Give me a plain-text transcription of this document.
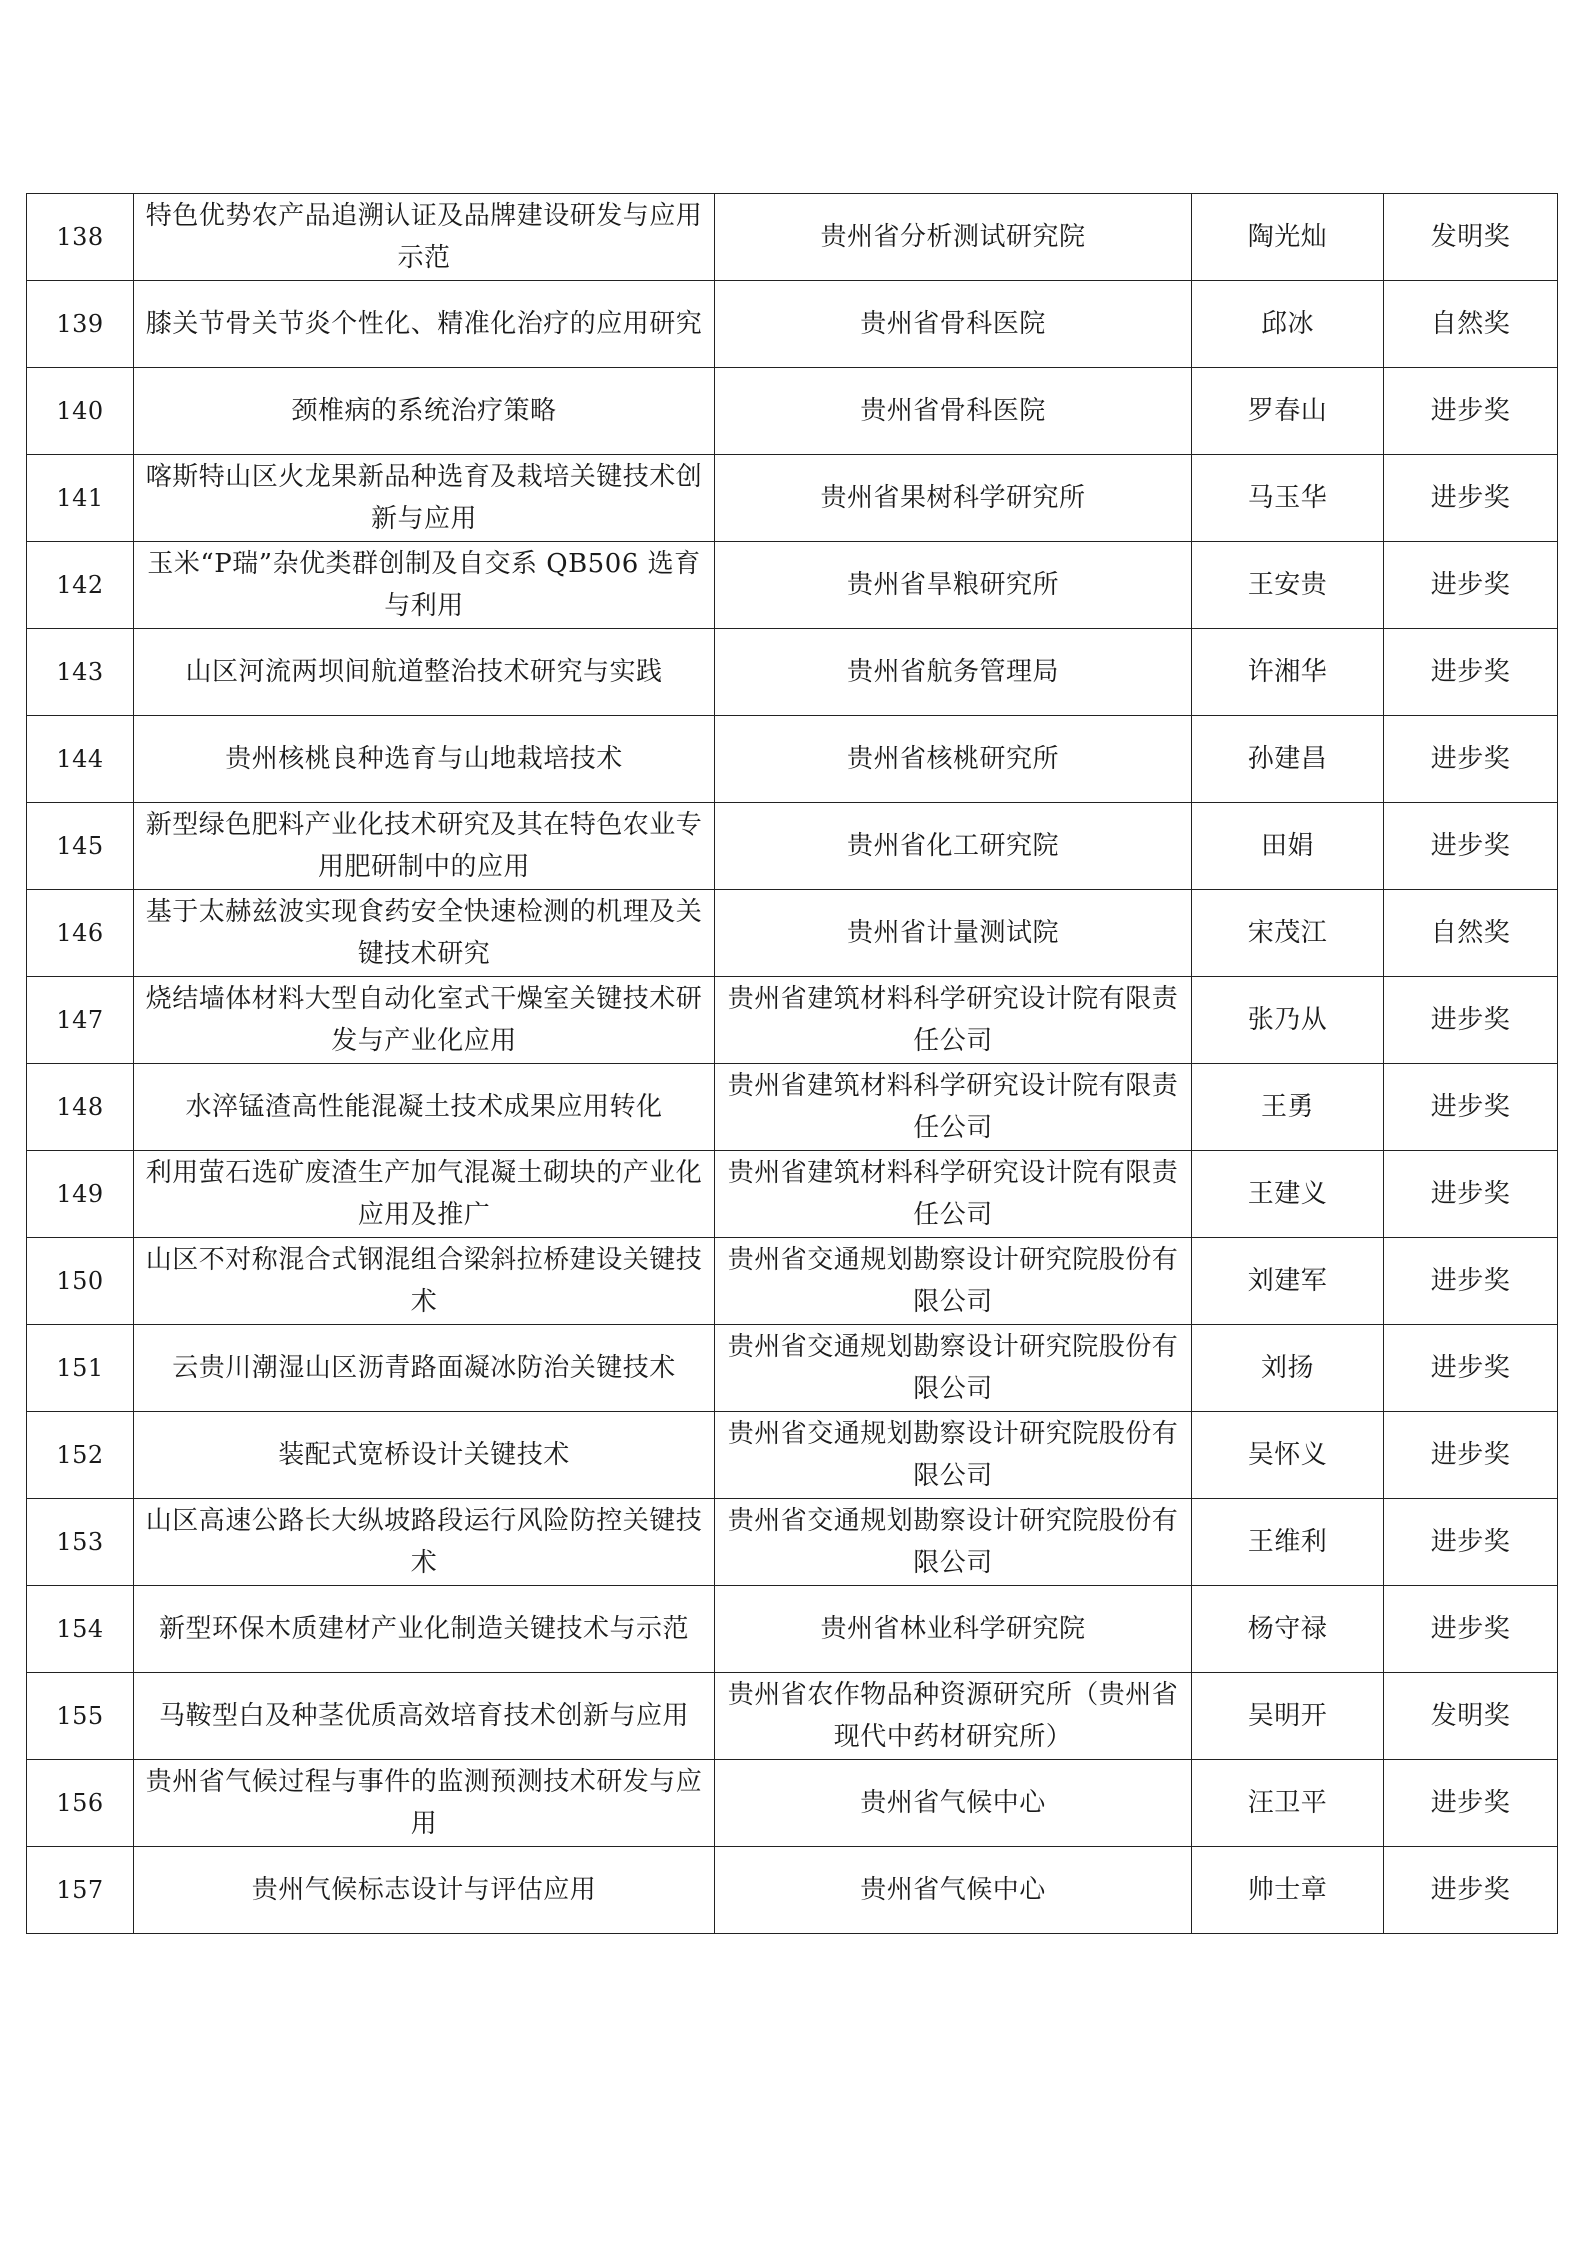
138	特色优势农产品追溯认证及品牌建设研发与应用示范	贵州省分析测试研究院	陶光灿	发明奖
139	膝关节骨关节炎个性化、精准化治疗的应用研究	贵州省骨科医院	邱冰	自然奖
140	颈椎病的系统治疗策略	贵州省骨科医院	罗春山	进步奖
141	喀斯特山区火龙果新品种选育及栽培关键技术创新与应用	贵州省果树科学研究所	马玉华	进步奖
142	玉米“P瑞”杂优类群创制及自交系 QB506 选育与利用	贵州省旱粮研究所	王安贵	进步奖
143	山区河流两坝间航道整治技术研究与实践	贵州省航务管理局	许湘华	进步奖
144	贵州核桃良种选育与山地栽培技术	贵州省核桃研究所	孙建昌	进步奖
145	新型绿色肥料产业化技术研究及其在特色农业专用肥研制中的应用	贵州省化工研究院	田娟	进步奖
146	基于太赫兹波实现食药安全快速检测的机理及关键技术研究	贵州省计量测试院	宋茂江	自然奖
147	烧结墙体材料大型自动化室式干燥室关键技术研发与产业化应用	贵州省建筑材料科学研究设计院有限责任公司	张乃从	进步奖
148	水淬锰渣高性能混凝土技术成果应用转化	贵州省建筑材料科学研究设计院有限责任公司	王勇	进步奖
149	利用萤石选矿废渣生产加气混凝土砌块的产业化应用及推广	贵州省建筑材料科学研究设计院有限责任公司	王建义	进步奖
150	山区不对称混合式钢混组合梁斜拉桥建设关键技术	贵州省交通规划勘察设计研究院股份有限公司	刘建军	进步奖
151	云贵川潮湿山区沥青路面凝冰防治关键技术	贵州省交通规划勘察设计研究院股份有限公司	刘扬	进步奖
152	装配式宽桥设计关键技术	贵州省交通规划勘察设计研究院股份有限公司	吴怀义	进步奖
153	山区高速公路长大纵坡路段运行风险防控关键技术	贵州省交通规划勘察设计研究院股份有限公司	王维利	进步奖
154	新型环保木质建材产业化制造关键技术与示范	贵州省林业科学研究院	杨守禄	进步奖
155	马鞍型白及种茎优质高效培育技术创新与应用	贵州省农作物品种资源研究所（贵州省现代中药材研究所）	吴明开	发明奖
156	贵州省气候过程与事件的监测预测技术研发与应用	贵州省气候中心	汪卫平	进步奖
157	贵州气候标志设计与评估应用	贵州省气候中心	帅士章	进步奖
